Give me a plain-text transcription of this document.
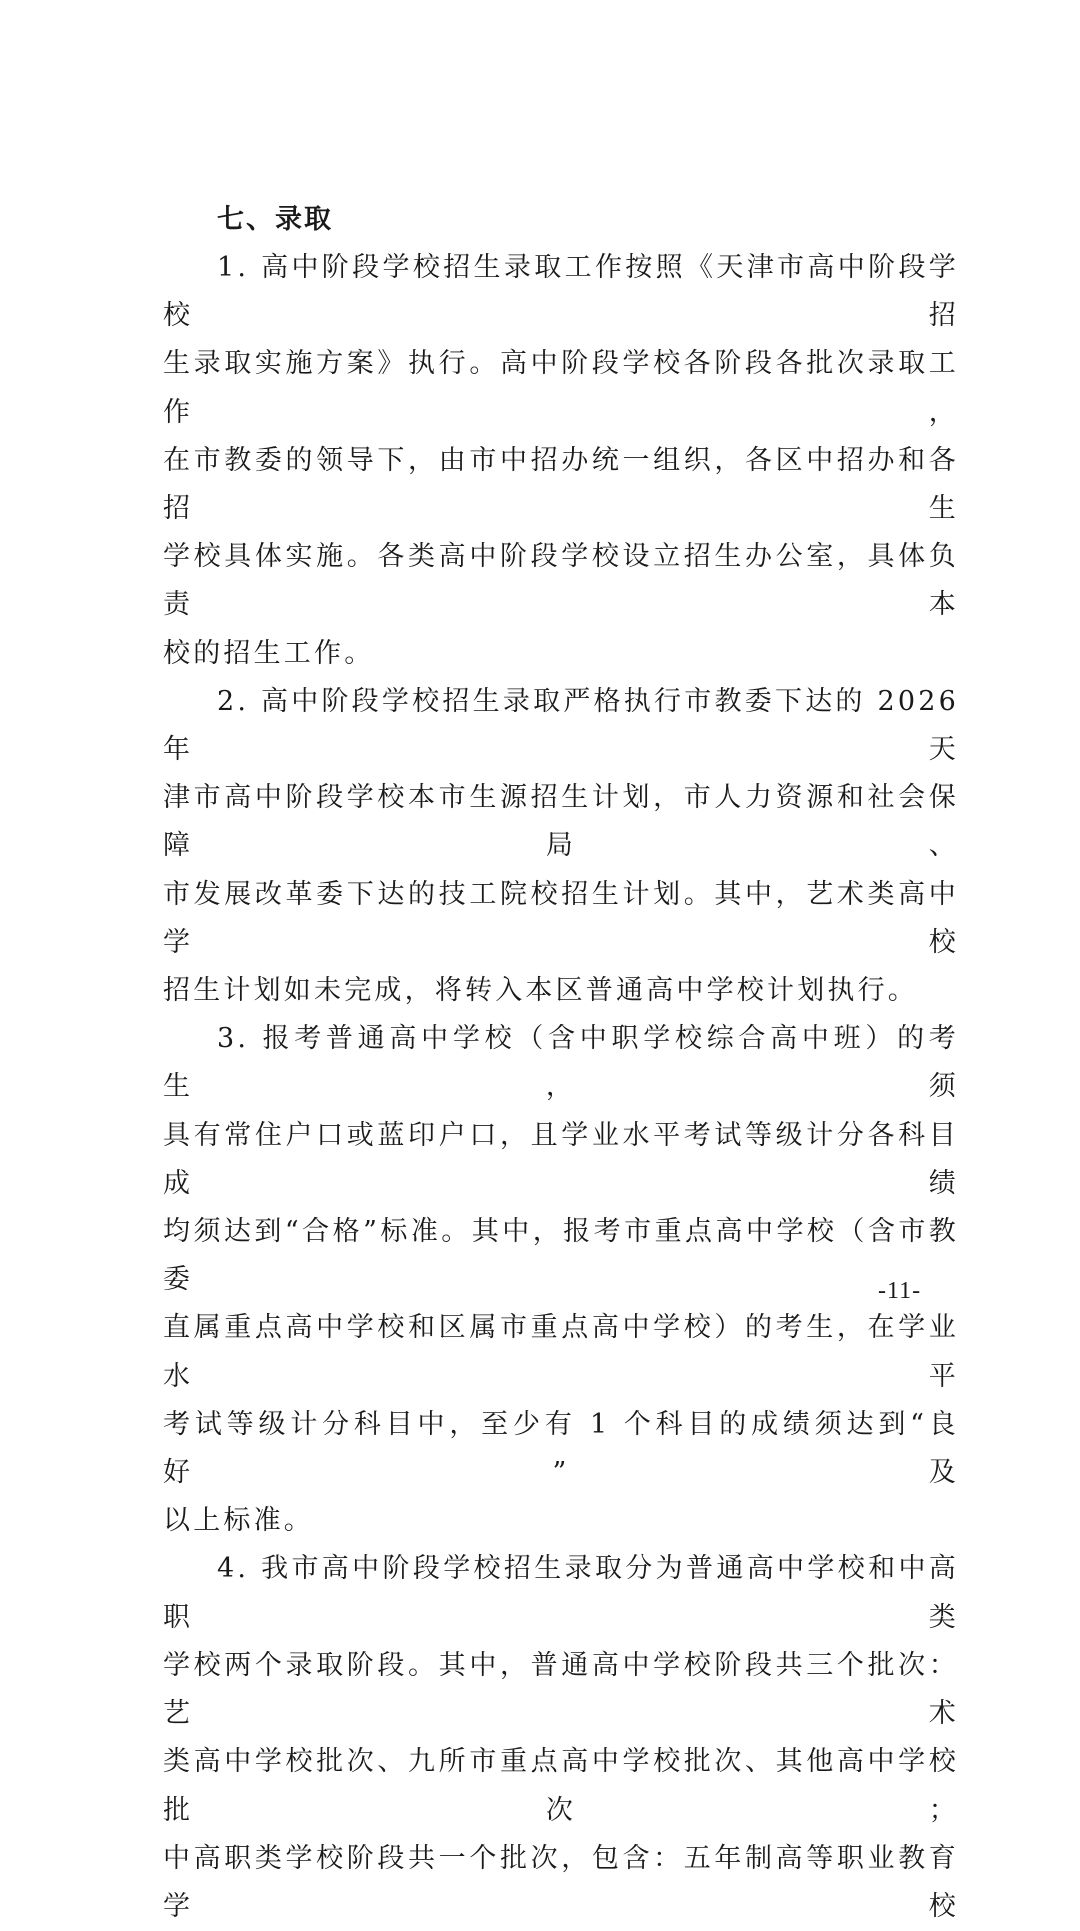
七、录取

1. 高中阶段学校招生录取工作按照《天津市高中阶段学校招
生录取实施方案》执行。高中阶段学校各阶段各批次录取工作，
在市教委的领导下，由市中招办统一组织，各区中招办和各招生
学校具体实施。各类高中阶段学校设立招生办公室，具体负责本
校的招生工作。

2. 高中阶段学校招生录取严格执行市教委下达的 2026 年天
津市高中阶段学校本市生源招生计划，市人力资源和社会保障局、
市发展改革委下达的技工院校招生计划。其中，艺术类高中学校
招生计划如未完成，将转入本区普通高中学校计划执行。

3. 报考普通高中学校（含中职学校综合高中班）的考生，须
具有常住户口或蓝印户口，且学业水平考试等级计分各科目成绩
均须达到“合格”标准。其中，报考市重点高中学校（含市教委
直属重点高中学校和区属市重点高中学校）的考生，在学业水平
考试等级计分科目中，至少有 1 个科目的成绩须达到“良好”及
以上标准。

4. 我市高中阶段学校招生录取分为普通高中学校和中高职类
学校两个录取阶段。其中，普通高中学校阶段共三个批次：艺术
类高中学校批次、九所市重点高中学校批次、其他高中学校批次；
中高职类学校阶段共一个批次，包含：五年制高等职业教育学校

-11-
